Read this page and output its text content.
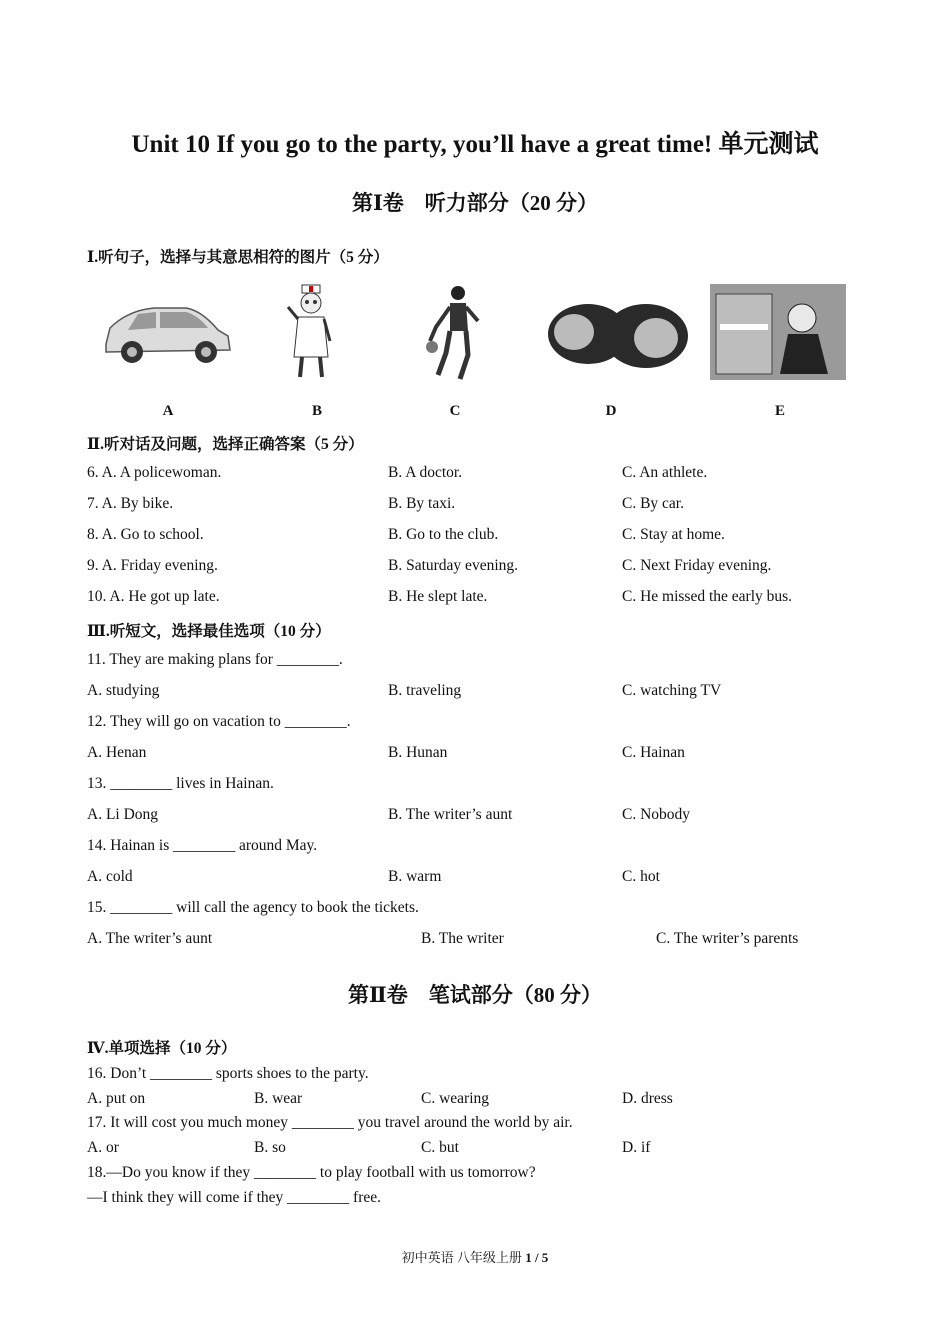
Unit 10 If you go to the party, you’ll have a great time! 单元测试
第Ⅰ卷　听力部分（20 分）
Ⅰ.听句子，选择与其意思相符的图片（5 分）
A	B	C	D	E
Ⅱ.听对话及问题，选择正确答案（5 分）
6. A. A policewoman.	B. A doctor.	C. An athlete.
7. A. By bike.	B. By taxi.	C. By car.
8. A. Go to school.	B. Go to the club.	C. Stay at home.
9. A. Friday evening.	B. Saturday evening.	C. Next Friday evening.
10. A. He got up late.	B. He slept late.	C. He missed the early bus.
Ⅲ.听短文，选择最佳选项（10 分）
11. They are making plans for ________.
A. studying	B. traveling	C. watching TV
12. They will go on vacation to ________.
A. Henan	B. Hunan	C. Hainan
13. ________ lives in Hainan.
A. Li Dong	B. The writer’s aunt	C. Nobody
14. Hainan is ________ around May.
A. cold	B. warm	C. hot
15. ________ will call the agency to book the tickets.
A. The writer’s aunt	B. The writer	C. The writer’s parents
第Ⅱ卷　笔试部分（80 分）
Ⅳ.单项选择（10 分）
16. Don’t ________ sports shoes to the party.
A. put on	B. wear	C. wearing	D. dress
17. It will cost you much money ________ you travel around the world by air.
A. or	B. so	C. but	D. if
18.—Do you know if they ________ to play football with us tomorrow?
—I think they will come if they ________ free.
初中英语 八年级上册 1 / 5
